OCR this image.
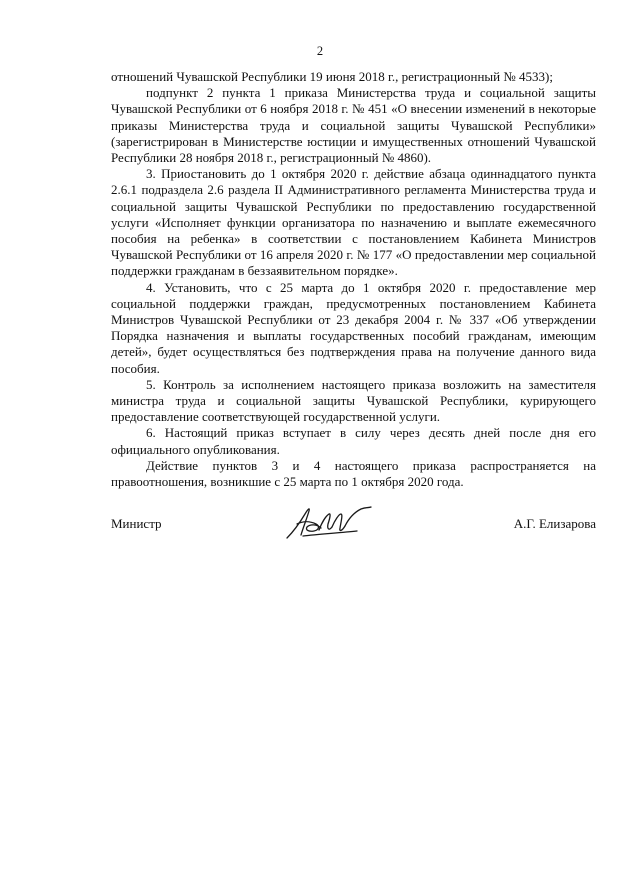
2

отношений Чувашской Республики 19 июня 2018 г., регистрационный № 4533);

подпункт 2 пункта 1 приказа Министерства труда и социальной защиты Чувашской Республики от 6 ноября 2018 г. № 451 «О внесении изменений в некоторые приказы Министерства труда и социальной защиты Чувашской Республики» (зарегистрирован в Министерстве юстиции и имущественных отношений Чувашской Республики 28 ноября 2018 г., регистрационный № 4860).

3. Приостановить до 1 октября 2020 г. действие абзаца одиннадцатого пункта 2.6.1 подраздела 2.6 раздела II Административного регламента Министерства труда и социальной защиты Чувашской Республики по предоставлению государственной услуги «Исполняет функции организатора по назначению и выплате ежемесячного пособия на ребенка» в соответствии с постановлением Кабинета Министров Чувашской Республики от 16 апреля 2020 г. № 177 «О предоставлении мер социальной поддержки гражданам в беззаявительном порядке».

4. Установить, что с 25 марта до 1 октября 2020 г. предоставление мер социальной поддержки граждан, предусмотренных постановлением Кабинета Министров Чувашской Республики от 23 декабря 2004 г. № 337 «Об утверждении Порядка назначения и выплаты государственных пособий гражданам, имеющим детей», будет осуществляться без подтверждения права на получение данного вида пособия.

5. Контроль за исполнением настоящего приказа возложить на заместителя министра труда и социальной защиты Чувашской Республики, курирующего предоставление соответствующей государственной услуги.

6. Настоящий приказ вступает в силу через десять дней после дня его официального опубликования.

Действие пунктов 3 и 4 настоящего приказа распространяется на правоотношения, возникшие с 25 марта по 1 октября 2020 года.

Министр	А.Г. Елизарова
